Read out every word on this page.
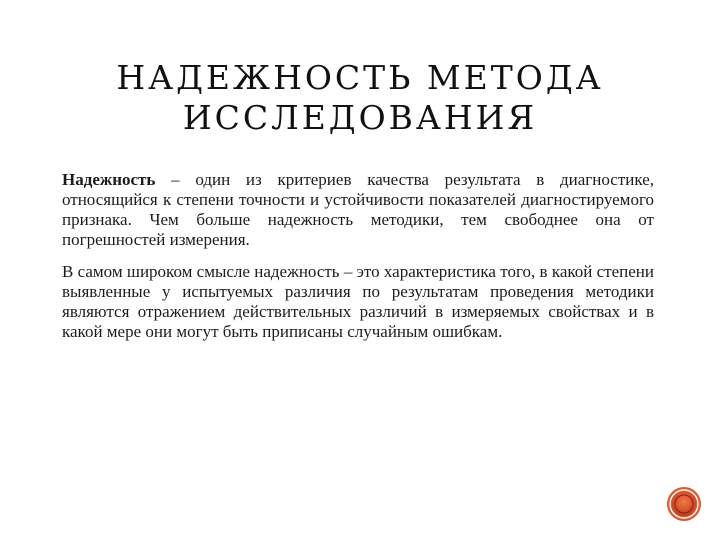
НАДЕЖНОСТЬ МЕТОДА
ИССЛЕДОВАНИЯ

Надежность – один из критериев качества результата в диагностике, относящийся к степени точности и устойчивости показателей диагностируемого признака. Чем больше надежность методики, тем свободнее она от погрешностей измерения.

В самом широком смысле надежность – это характеристика того, в какой степени выявленные у испытуемых различия по результатам проведения методики являются отражением действительных различий в измеряемых свойствах и в какой мере они могут быть приписаны случайным ошибкам.
